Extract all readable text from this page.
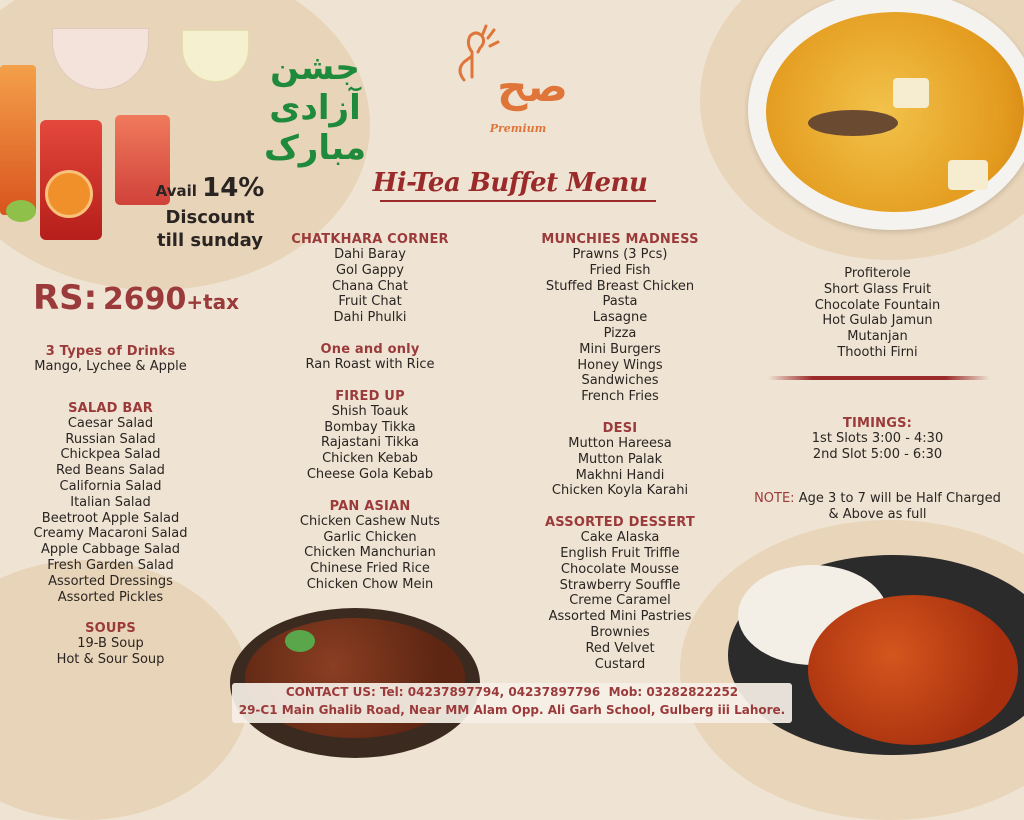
جشن آزادی مبارک
صح
Premium
Hi-Tea Buffet Menu
Avail 14%
Discount
till sunday
RS: 2690+tax
3 Types of Drinks
Mango, Lychee & Apple
SALAD BAR
Caesar Salad
Russian Salad
Chickpea Salad
Red Beans Salad
California Salad
Italian Salad
Beetroot Apple Salad
Creamy Macaroni Salad
Apple Cabbage Salad
Fresh Garden Salad
Assorted Dressings
Assorted Pickles
SOUPS
19-B Soup
Hot & Sour Soup
CHATKHARA CORNER
Dahi Baray
Gol Gappy
Chana Chat
Fruit Chat
Dahi Phulki
One and only
Ran Roast with Rice
FIRED UP
Shish Toauk
Bombay Tikka
Rajastani Tikka
Chicken Kebab
Cheese Gola Kebab
PAN ASIAN
Chicken Cashew Nuts
Garlic Chicken
Chicken Manchurian
Chinese Fried Rice
Chicken Chow Mein
MUNCHIES MADNESS
Prawns (3 Pcs)
Fried Fish
Stuffed Breast Chicken
Pasta
Lasagne
Pizza
Mini Burgers
Honey Wings
Sandwiches
French Fries
DESI
Mutton Hareesa
Mutton Palak
Makhni Handi
Chicken Koyla Karahi
ASSORTED DESSERT
Cake Alaska
English Fruit Triffle
Chocolate Mousse
Strawberry Souffle
Creme Caramel
Assorted Mini Pastries
Brownies
Red Velvet
Custard
Profiterole
Short Glass Fruit
Chocolate Fountain
Hot Gulab Jamun
Mutanjan
Thoothi Firni
TIMINGS:
1st Slots 3:00 - 4:30
2nd Slot 5:00 - 6:30
NOTE: Age 3 to 7 will be Half Charged
& Above as full
CONTACT US: Tel: 04237897794, 04237897796 Mob: 03282822252
29-C1 Main Ghalib Road, Near MM Alam Opp. Ali Garh School, Gulberg iii Lahore.
